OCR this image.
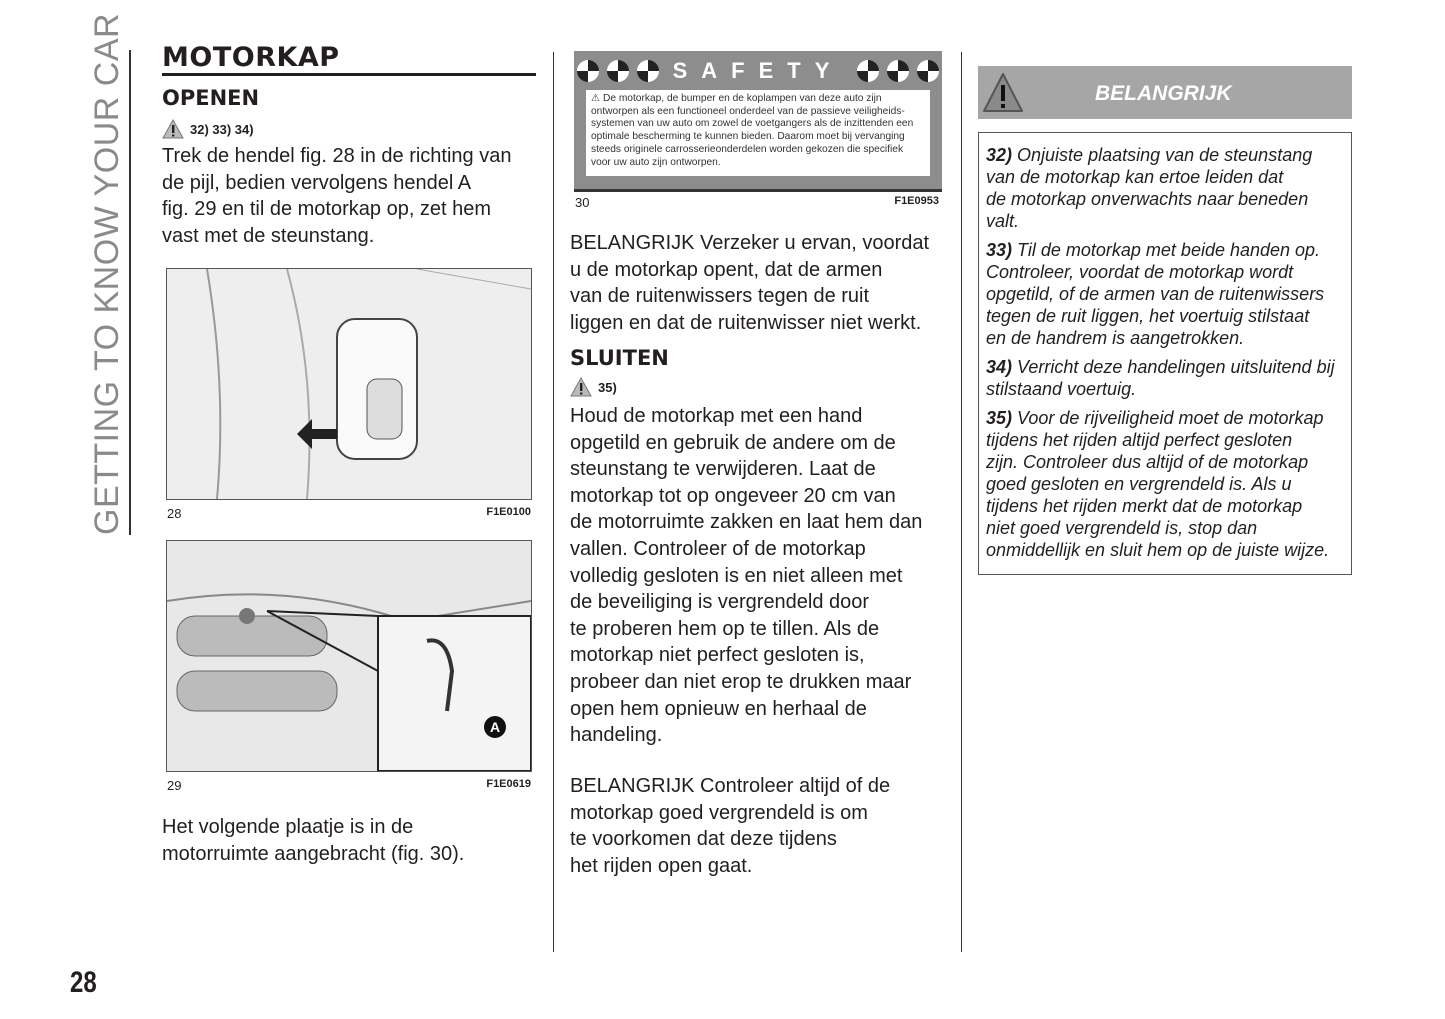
GETTING TO KNOW YOUR CAR
28
MOTORKAP
OPENEN
32) 33) 34)
Trek de hendel fig. 28 in de richting van
de pijl, bedien vervolgens hendel A
fig. 29 en til de motorkap op, zet hem
vast met de steunstang.
28	F1E0100
A
29	F1E0619
Het volgende plaatje is in de
motorruimte aangebracht (fig. 30).
SAFETY
⚠ De motorkap, de bumper en de koplampen van deze auto zijn
ontworpen als een functioneel onderdeel van de passieve veiligheids-
systemen van uw auto om zowel de voetgangers als de inzittenden een
optimale bescherming te kunnen bieden. Daarom moet bij vervanging
steeds originele carrosserieonderdelen worden gekozen die specifiek
voor uw auto zijn ontworpen.
30	F1E0953
BELANGRIJK Verzeker u ervan, voordat
u de motorkap opent, dat de armen
van de ruitenwissers tegen de ruit
liggen en dat de ruitenwisser niet werkt.
SLUITEN
35)
Houd de motorkap met een hand
opgetild en gebruik de andere om de
steunstang te verwijderen. Laat de
motorkap tot op ongeveer 20 cm van
de motorruimte zakken en laat hem dan
vallen. Controleer of de motorkap
volledig gesloten is en niet alleen met
de beveiliging is vergrendeld door
te proberen hem op te tillen. Als de
motorkap niet perfect gesloten is,
probeer dan niet erop te drukken maar
open hem opnieuw en herhaal de
handeling.
BELANGRIJK Controleer altijd of de
motorkap goed vergrendeld is om
te voorkomen dat deze tijdens
het rijden open gaat.
BELANGRIJK
32) Onjuiste plaatsing van de steunstang
van de motorkap kan ertoe leiden dat
de motorkap onverwachts naar beneden
valt.
33) Til de motorkap met beide handen op.
Controleer, voordat de motorkap wordt
opgetild, of de armen van de ruitenwissers
tegen de ruit liggen, het voertuig stilstaat
en de handrem is aangetrokken.
34) Verricht deze handelingen uitsluitend bij
stilstaand voertuig.
35) Voor de rijveiligheid moet de motorkap
tijdens het rijden altijd perfect gesloten
zijn. Controleer dus altijd of de motorkap
goed gesloten en vergrendeld is. Als u
tijdens het rijden merkt dat de motorkap
niet goed vergrendeld is, stop dan
onmiddellijk en sluit hem op de juiste wijze.
